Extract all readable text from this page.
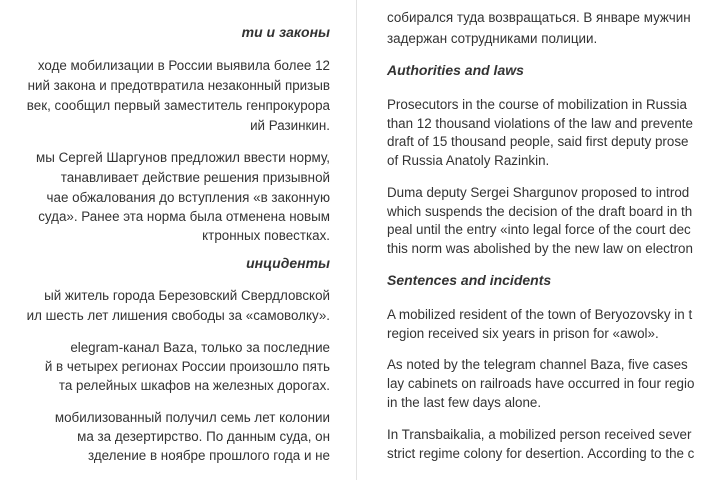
ти и законы
ходе мобилизации в России выявила более 12
ний закона и предотвратила незаконный призыв
век, сообщил первый заместитель генпрокурора
ий Разинкин.
мы Сергей Шаргунов предложил ввести норму,
танавливает действие решения призывной
чае обжалования до вступления «в законную
суда». Ранее эта норма была отменена новым
ктронных повестках.
инциденты
ый житель города Березовский Свердловской
ил шесть лет лишения свободы за «самоволку».
elegram-канал Baza, только за последние
й в четырех регионах России произошло пять
та релейных шкафов на железных дорогах.
мобилизованный получил семь лет колонии
ма за дезертирство. По данным суда, он
зделение в ноябре прошлого года и не
собирался туда возвращаться. В январе мужчин
задержан сотрудниками полиции.
Authorities and laws
Prosecutors in the course of mobilization in Russia
than 12 thousand violations of the law and prevente
draft of 15 thousand people, said first deputy prose
of Russia Anatoly Razinkin.
Duma deputy Sergei Shargunov proposed to introd
which suspends the decision of the draft board in th
peal until the entry «into legal force of the court dec
this norm was abolished by the new law on electron
Sentences and incidents
A mobilized resident of the town of Beryozovsky in t
region received six years in prison for «awol».
As noted by the telegram channel Baza, five cases
lay cabinets on railroads have occurred in four regio
in the last few days alone.
In Transbaikalia, a mobilized person received sever
strict regime colony for desertion. According to the c
